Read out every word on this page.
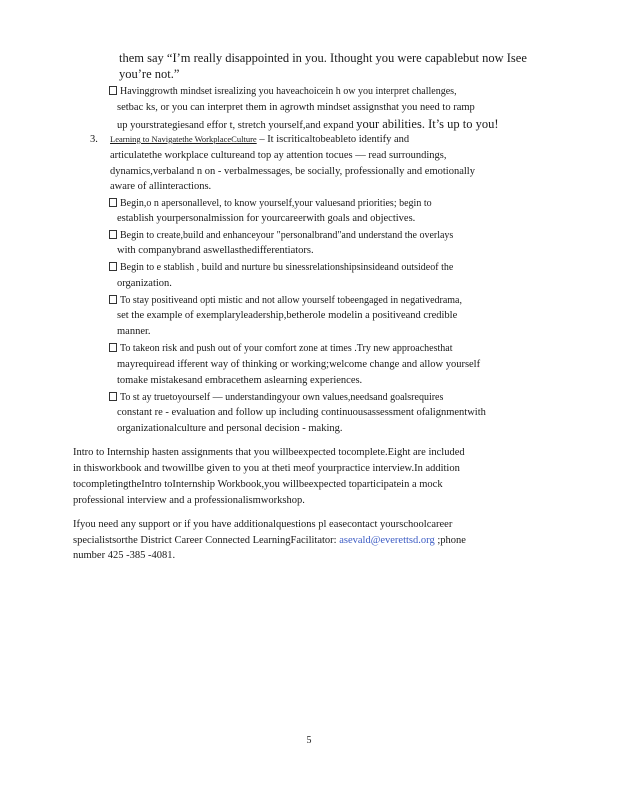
them say “I’m really disappointed in you. Ithought you were capablebut now Isee
you’re not.”
Havinggrowth mindset isrealizing you haveachoicein h ow you interpret challenges,
setbac ks, or you can interpret them in agrowth mindset assignsthat you need to ramp
up yourstrategiesand effor t, stretch yourself,and expand your abilities. It’s up to you!
3. Learning to Navigatethe WorkplaceCulture – It iscriticaltobeableto identify and
articulatethe workplace cultureand top ay attention tocues — read surroundings,
dynamics,verbaland n on - verbalmessages, be socially, professionally and emotionally
aware of allinteractions.
Begin,o n apersonallevel, to know yourself,your valuesand priorities; begin to
establish yourpersonalmission for yourcareerwith goals and objectives.
Begin to create,build and enhanceyour "personalbrand"and understand the overlays
with companybrand aswellasthedifferentiators.
Begin to e stablish , build and nurture bu sinessrelationshipsinsideand outsideof the
organization.
To stay positiveand opti mistic and not allow yourself tobeengaged in negativedrama,
set the example of exemplaryleadership,betherole modelin a positiveand credible
manner.
To takeon risk and push out of your comfort zone at times .Try new approachesthat
mayrequiread ifferent way of thinking or working;welcome change and allow yourself
tomake mistakesand embracethem aslearning experiences.
To st ay truetoyourself — understandingyour own values,needsand goalsrequires
constant re - evaluation and follow up including continuousassessment ofalignmentwith
organizationalculture and personal decision - making.
Intro to Internship hasten assignments that you willbeexpected tocomplete.Eight are included
in thisworkbook and twowillbe given to you at theti meof yourpractice interview.In addition
tocompletingtheIntro toInternship Workbook,you willbeexpected toparticipatein a mock
professional interview and a professionalismworkshop.
Ifyou need any support or if you have additionalquestions pl easecontact yourschoolcareer
specialistsorthe District Career Connected LearningFacilitator: asevald@everettsd.org ;phone
number 425 -385 -4081.
5
